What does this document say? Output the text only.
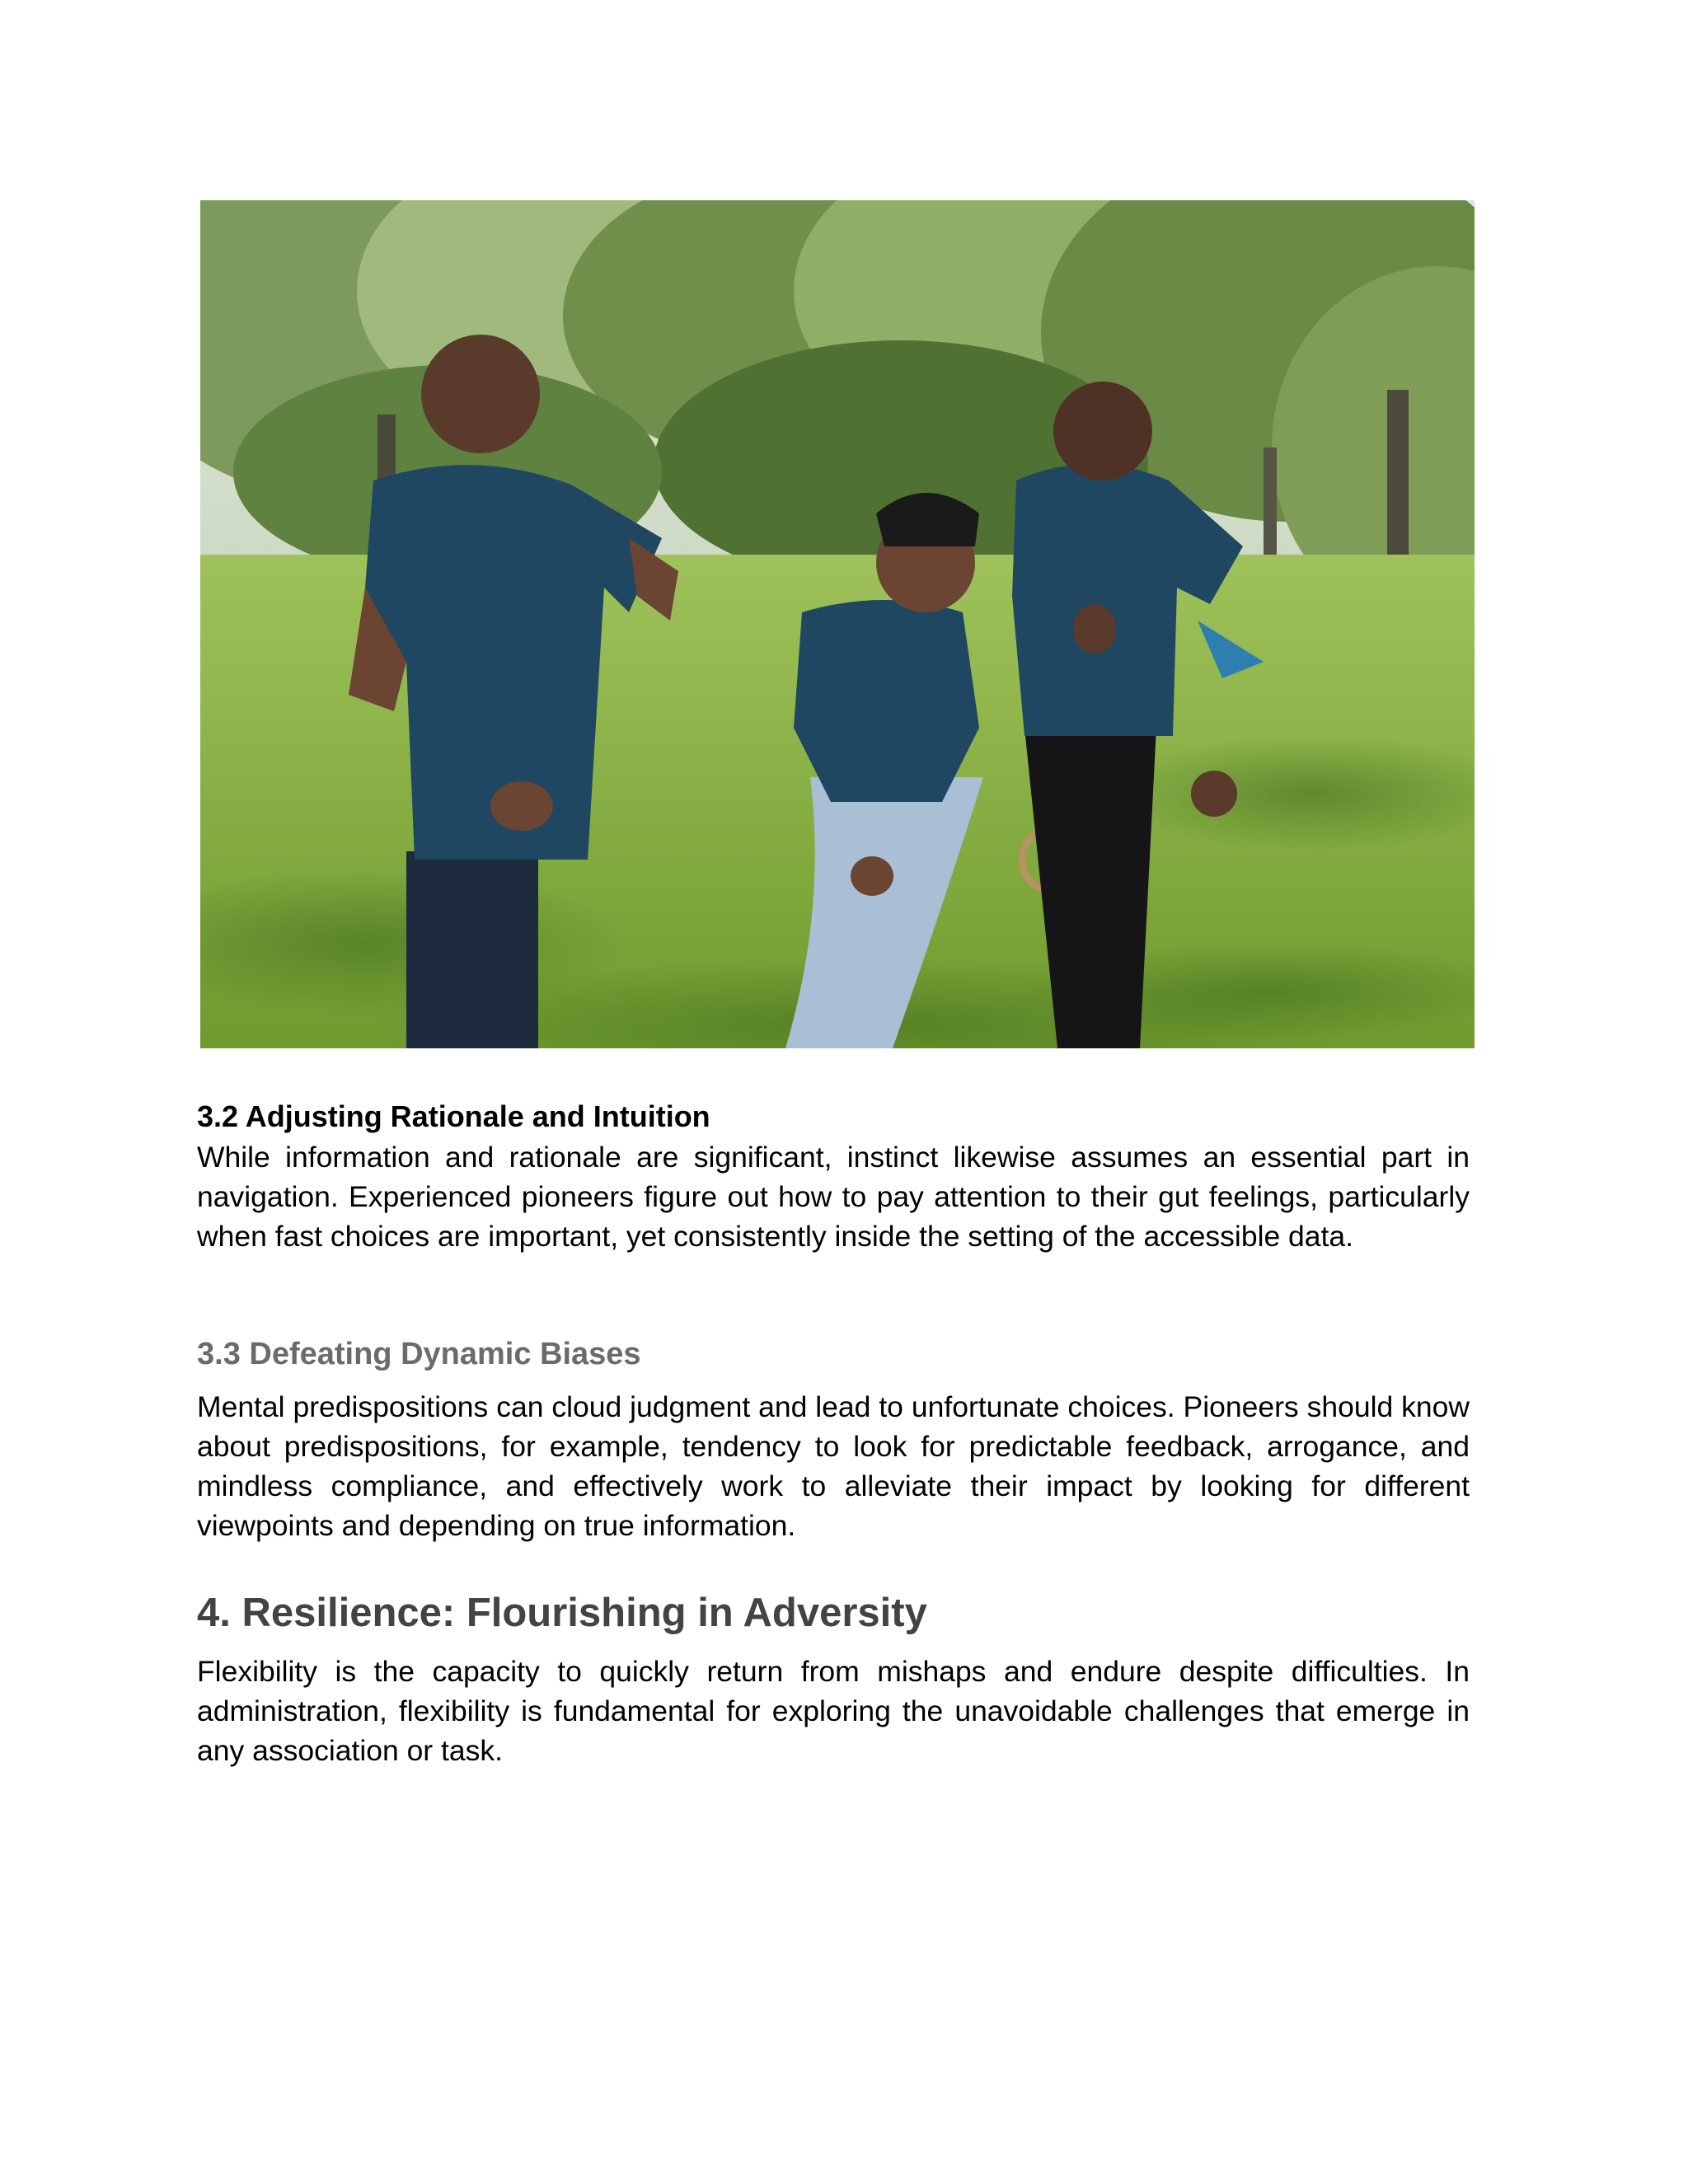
3.2 Adjusting Rationale and Intuition

While information and rationale are significant, instinct likewise assumes an essential part in navigation. Experienced pioneers figure out how to pay attention to their gut feelings, particularly when fast choices are important, yet consistently inside the setting of the accessible data.

3.3 Defeating Dynamic Biases

Mental predispositions can cloud judgment and lead to unfortunate choices. Pioneers should know about predispositions, for example, tendency to look for predictable feedback, arrogance, and mindless compliance, and effectively work to alleviate their impact by looking for different viewpoints and depending on true information.

4. Resilience: Flourishing in Adversity

Flexibility is the capacity to quickly return from mishaps and endure despite difficulties. In administration, flexibility is fundamental for exploring the unavoidable challenges that emerge in any association or task.
